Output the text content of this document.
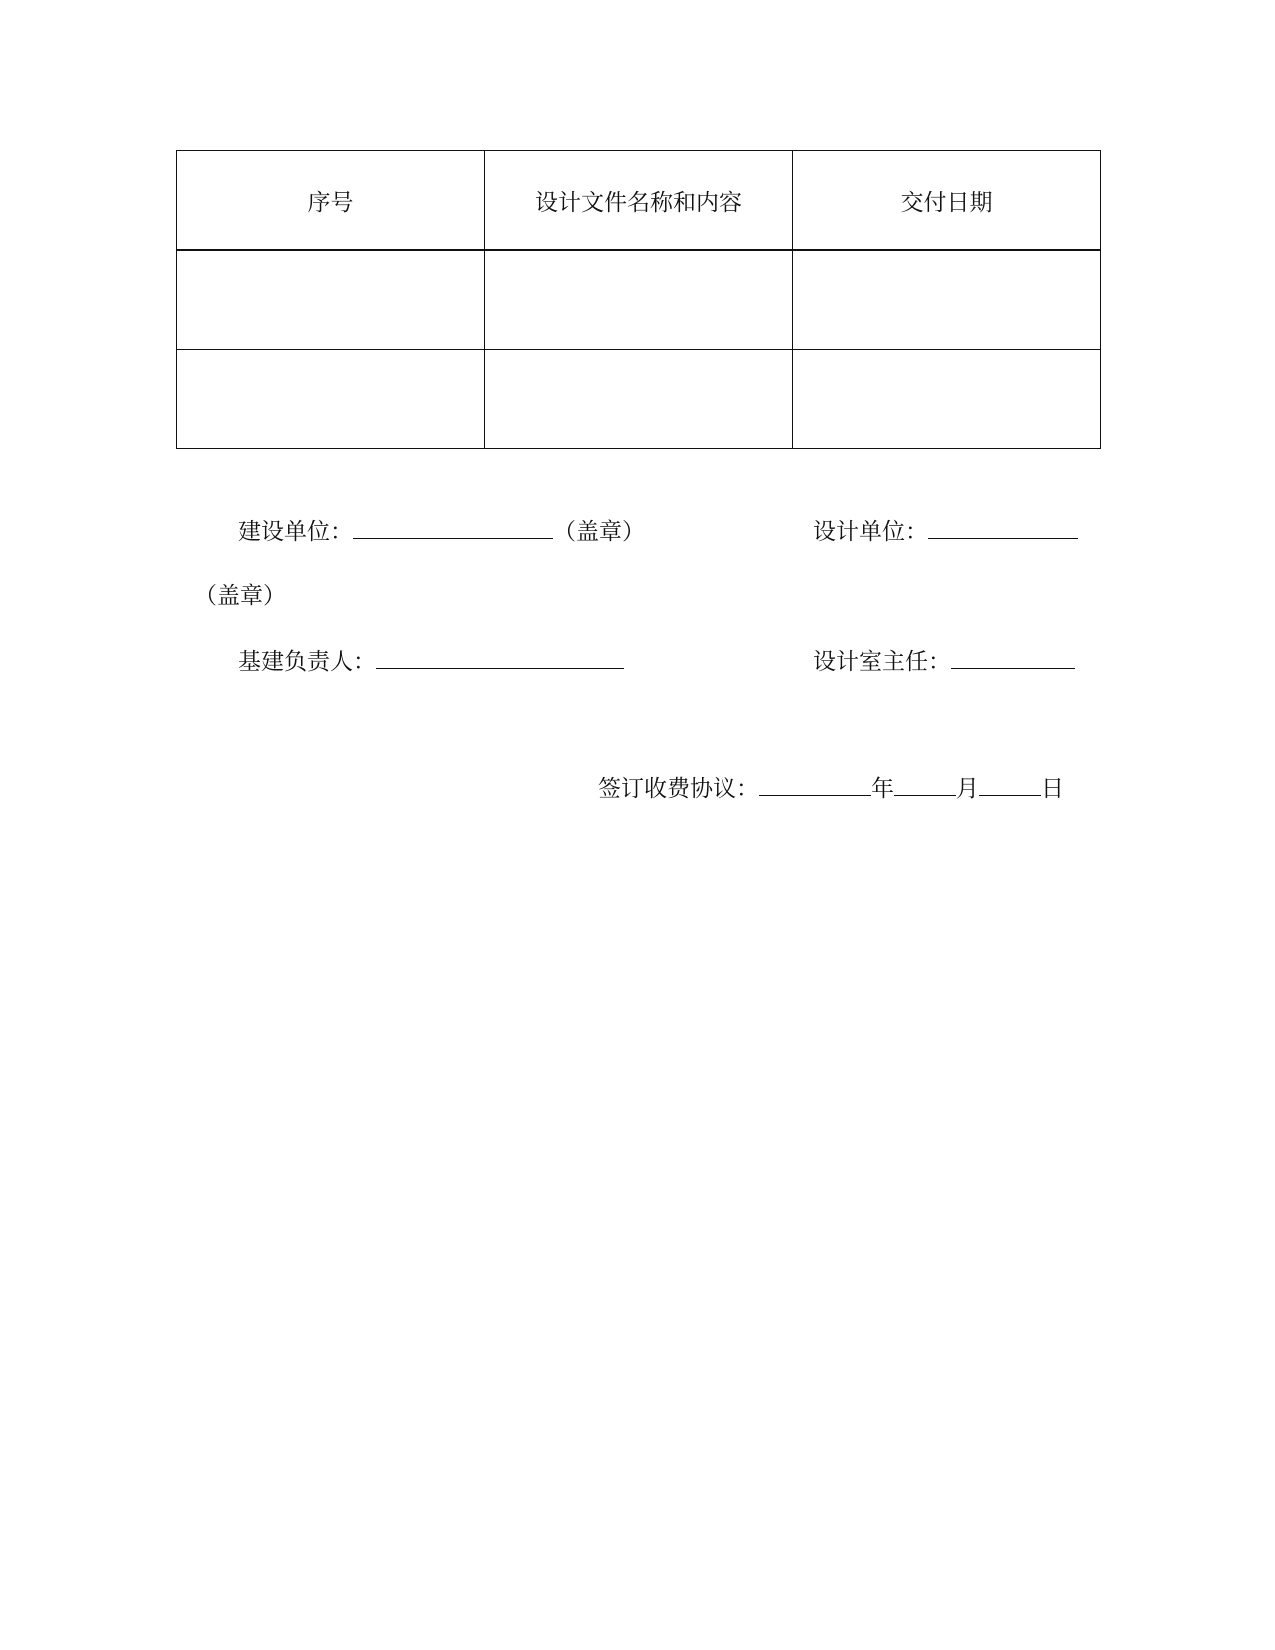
序号	设计文件名称和内容	交付日期

建设单位：	（盖章）	设计单位：
（盖章）
基建负责人：	设计室主任：
签订收费协议：	年	月	日
